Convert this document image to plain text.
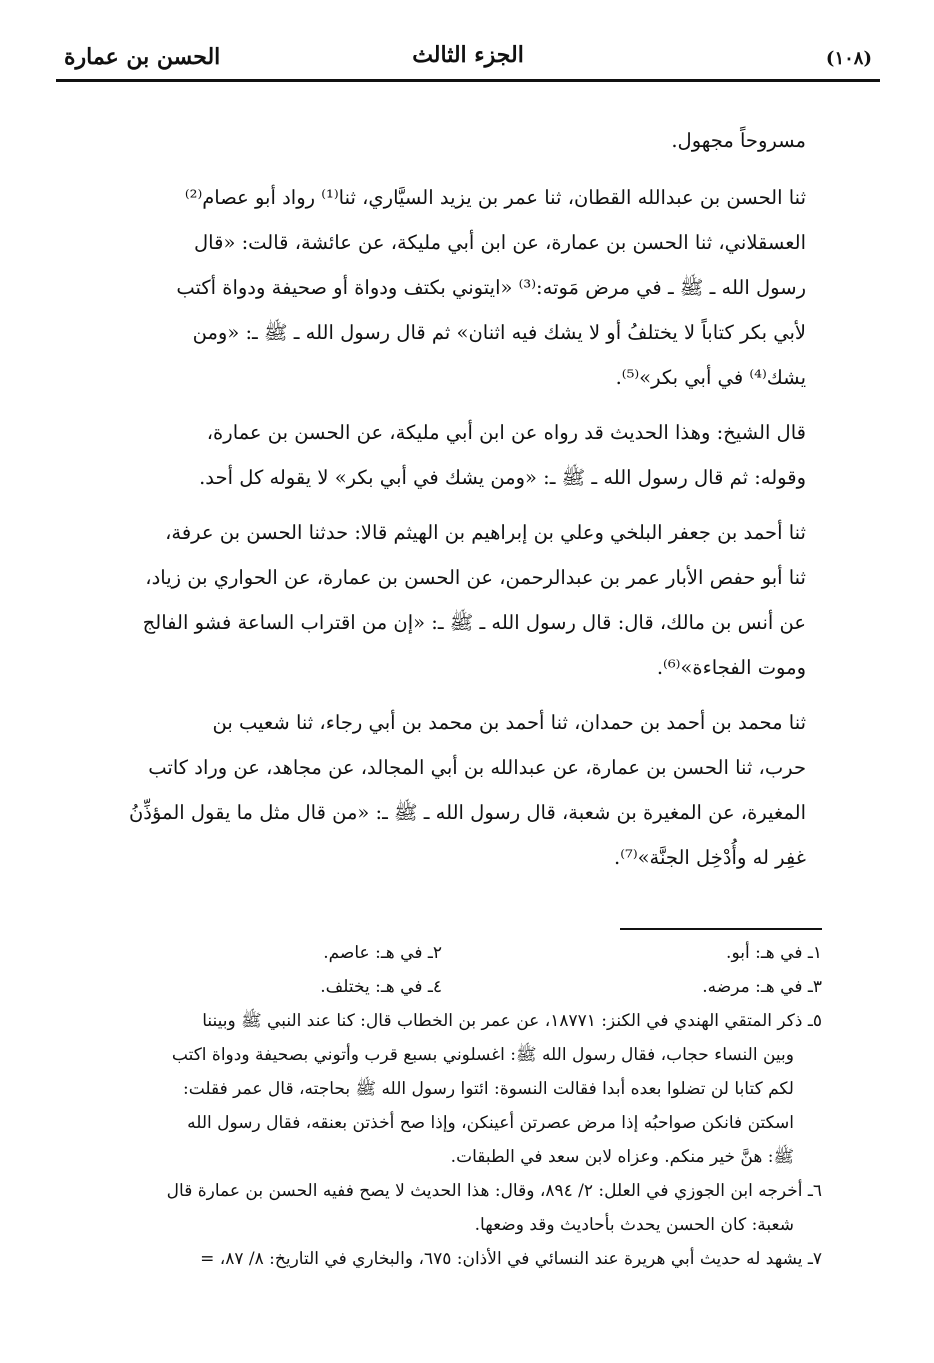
الحسن بن عمارة	الجزء الثالث	(١٠٨)

مسروحاً مجهول.

ثنا الحسن بن عبدالله القطان، ثنا عمر بن يزيد السيَّاري، ثنا⁽¹⁾ رواد أبو عصام⁽²⁾

العسقلاني، ثنا الحسن بن عمارة، عن ابن أبي مليكة، عن عائشة، قالت: «قال

رسول الله ـ ﷺ ـ في مرض مَوته:⁽³⁾ «ايتوني بكتف ودواة أو صحيفة ودواة أكتب

لأبي بكر كتاباً لا يختلفُ أو لا يشك فيه اثنان» ثم قال رسول الله ـ ﷺ ـ: «ومن

يشك⁽⁴⁾ في أبي بكر»⁽⁵⁾.

قال الشيخ: وهذا الحديث قد رواه عن ابن أبي مليكة، عن الحسن بن عمارة،

وقوله: ثم قال رسول الله ـ ﷺ ـ: «ومن يشك في أبي بكر» لا يقوله كل أحد.

ثنا أحمد بن جعفر البلخي وعلي بن إبراهيم بن الهيثم قالا: حدثنا الحسن بن عرفة،

ثنا أبو حفص الأبار عمر بن عبدالرحمن، عن الحسن بن عمارة، عن الحواري بن زياد،

عن أنس بن مالك، قال: قال رسول الله ـ ﷺ ـ: «إن من اقتراب الساعة فشو الفالج

وموت الفجاءة»⁽⁶⁾.

ثنا محمد بن أحمد بن حمدان، ثنا أحمد بن محمد بن أبي رجاء، ثنا شعيب بن

حرب، ثنا الحسن بن عمارة، عن عبدالله بن أبي المجالد، عن مجاهد، عن وراد كاتب

المغيرة، عن المغيرة بن شعبة، قال رسول الله ـ ﷺ ـ: «من قال مثل ما يقول المؤذِّنُ

غفِر له وأُدْخِل الجنَّة»⁽⁷⁾.

١ـ في هـ: أبو.
٢ـ في هـ: عاصم.
٣ـ في هـ: مرضه.
٤ـ في هـ: يختلف.
٥ـ ذكر المتقي الهندي في الكنز: ١٨٧٧١، عن عمر بن الخطاب قال: كنا عند النبي ﷺ وبيننا
وبين النساء حجاب، فقال رسول الله ﷺ: اغسلوني بسبع قرب وأتوني بصحيفة ودواة اكتب
لكم كتابا لن تضلوا بعده أبدا فقالت النسوة: ائتوا رسول الله ﷺ بحاجته، قال عمر فقلت:
اسكتن فانكن صواحبُه إذا مرض عصرتن أعينكن، وإذا صح أخذتن بعنقه، فقال رسول الله
ﷺ: هنَّ خير منكم. وعزاه لابن سعد في الطبقات.
٦ـ أخرجه ابن الجوزي في العلل: ٢/ ٨٩٤، وقال: هذا الحديث لا يصح ففيه الحسن بن عمارة قال
شعبة: كان الحسن يحدث بأحاديث وقد وضعها.
٧ـ يشهد له حديث أبي هريرة عند النسائي في الأذان: ٦٧٥، والبخاري في التاريخ: ٨/ ٨٧، =
